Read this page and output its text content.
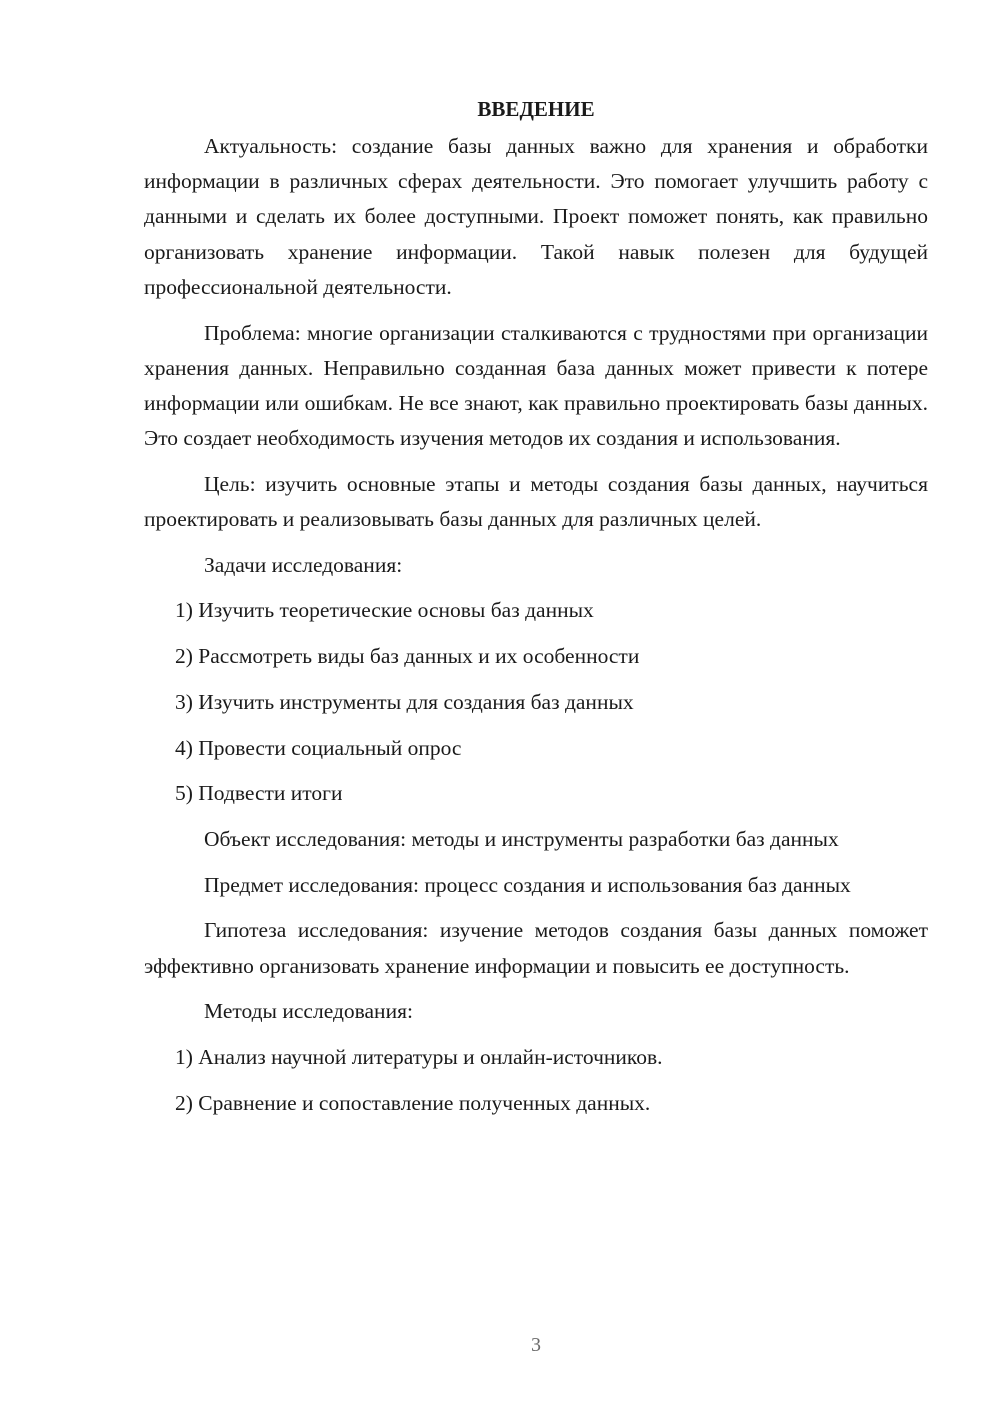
ВВЕДЕНИЕ

Актуальность: создание базы данных важно для хранения и обработки информации в различных сферах деятельности. Это помогает улучшить работу с данными и сделать их более доступными. Проект поможет понять, как правильно организовать хранение информации. Такой навык полезен для будущей профессиональной деятельности.

Проблема: многие организации сталкиваются с трудностями при организации хранения данных. Неправильно созданная база данных может привести к потере информации или ошибкам. Не все знают, как правильно проектировать базы данных. Это создает необходимость изучения методов их создания и использования.

Цель: изучить основные этапы и методы создания базы данных, научиться проектировать и реализовывать базы данных для различных целей.

Задачи исследования:

1) Изучить теоретические основы баз данных
2) Рассмотреть виды баз данных и их особенности
3) Изучить инструменты для создания баз данных
4) Провести социальный опрос
5) Подвести итоги

Объект исследования: методы и инструменты разработки баз данных

Предмет исследования: процесс создания и использования баз данных

Гипотеза исследования: изучение методов создания базы данных поможет эффективно организовать хранение информации и повысить ее доступность.

Методы исследования:

1) Анализ научной литературы и онлайн-источников.
2) Сравнение и сопоставление полученных данных.
3
